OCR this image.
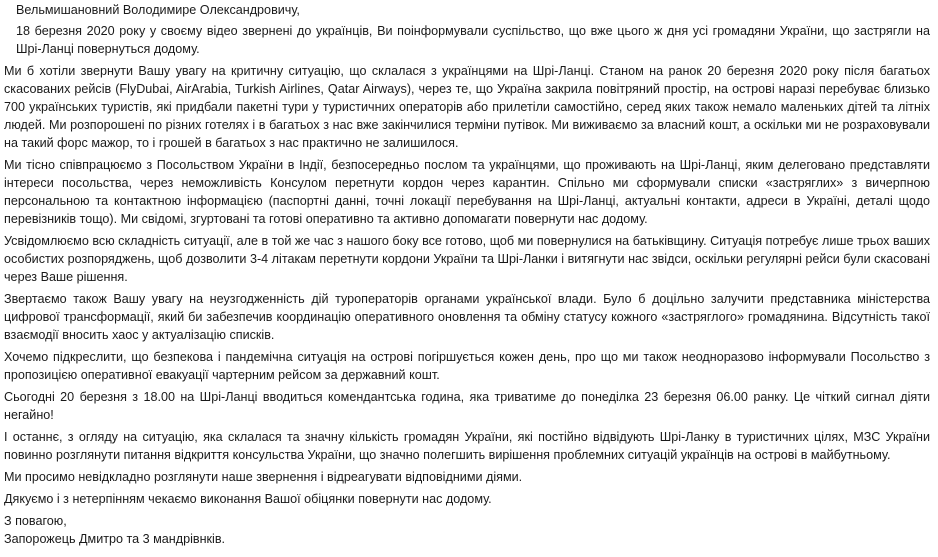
Вельмишановний Володимире Олександровичу,

18 березня 2020 року у своєму відео звернені до українців, Ви поінформували суспільство, що вже цього ж дня усі громадяни України, що застрягли на Шрі-Ланці повернуться додому.

Ми б хотіли звернути Вашу увагу на критичну ситуацію, що склалася з українцями на Шрі-Ланці. Станом на ранок 20 березня 2020 року після багатьох скасованих рейсів (FlyDubai, AirArabia, Turkish Airlines, Qatar Airways), через те, що Україна закрила повітряний простір, на острові наразі перебуває близько 700 українських туристів, які придбали пакетні тури у туристичних операторів або прилетіли самостійно, серед яких також немало маленьких дітей та літніх людей. Ми розпорошені по різних готелях і в багатьох з нас вже закінчилися терміни путівок. Ми виживаємо за власний кошт, а оскільки ми не розраховували на такий форс мажор, то і грошей в багатьох з нас практично не залишилося.

Ми тісно співпрацюємо з Посольством України в Індії, безпосередньо послом та українцями, що проживають на Шрі-Ланці, яким делеговано представляти інтереси посольства, через неможливість Консулом перетнути кордон через карантин. Спільно ми сформували списки «застряглих» з вичерпною персональною та контактною інформацією (паспортні данні, точні локації перебування на Шрі-Ланці, актуальні контакти, адреси в Україні, деталі щодо перевізників тощо). Ми свідомі, згуртовані та готові оперативно та активно допомагати повернути нас додому.

Усвідомлюємо всю складність ситуації, але в той же час з нашого боку все готово, щоб ми повернулися на батьківщину. Ситуація потребує лише трьох ваших особистих розпоряджень, щоб дозволити 3-4 літакам перетнути кордони України та Шрі-Ланки і витягнути нас звідси, оскільки регулярні рейси були скасовані через Ваше рішення.

Звертаємо також Вашу увагу на неузгодженність дій туроператорів органами української влади. Було б доцільно залучити представника міністерства цифрової трансформації, який би забезпечив координацію оперативного оновлення та обміну статусу кожного «застряглого» громадянина. Відсутність такої взаємодії вносить хаос у актуалізацію списків.

Хочемо підкреслити, що безпекова і пандемічна ситуація на острові погіршується кожен день, про що ми також неодноразово інформували Посольство з пропозицією оперативної евакуації чартерним рейсом за державний кошт.

Сьогодні 20 березня з 18.00 на Шрі-Ланці вводиться комендантська година, яка триватиме до понеділка 23 березня 06.00 ранку. Це чіткий сигнал діяти негайно!

І останнє, з огляду на ситуацію, яка склалася та значну кількість громадян України, які постійно відвідують Шрі-Ланку в туристичних цілях, МЗС України повинно розглянути питання відкриття консульства України, що значно полегшить вирішення проблемних ситуацій українців на острові в майбутньому.

Ми просимо невідкладно розглянути наше звернення і відреагувати відповідними діями.

Дякуємо і з нетерпінням чекаємо виконання Вашої обіцянки повернути нас додому.

З повагою,

Запорожець Дмитро та 3 мандрівнків.
